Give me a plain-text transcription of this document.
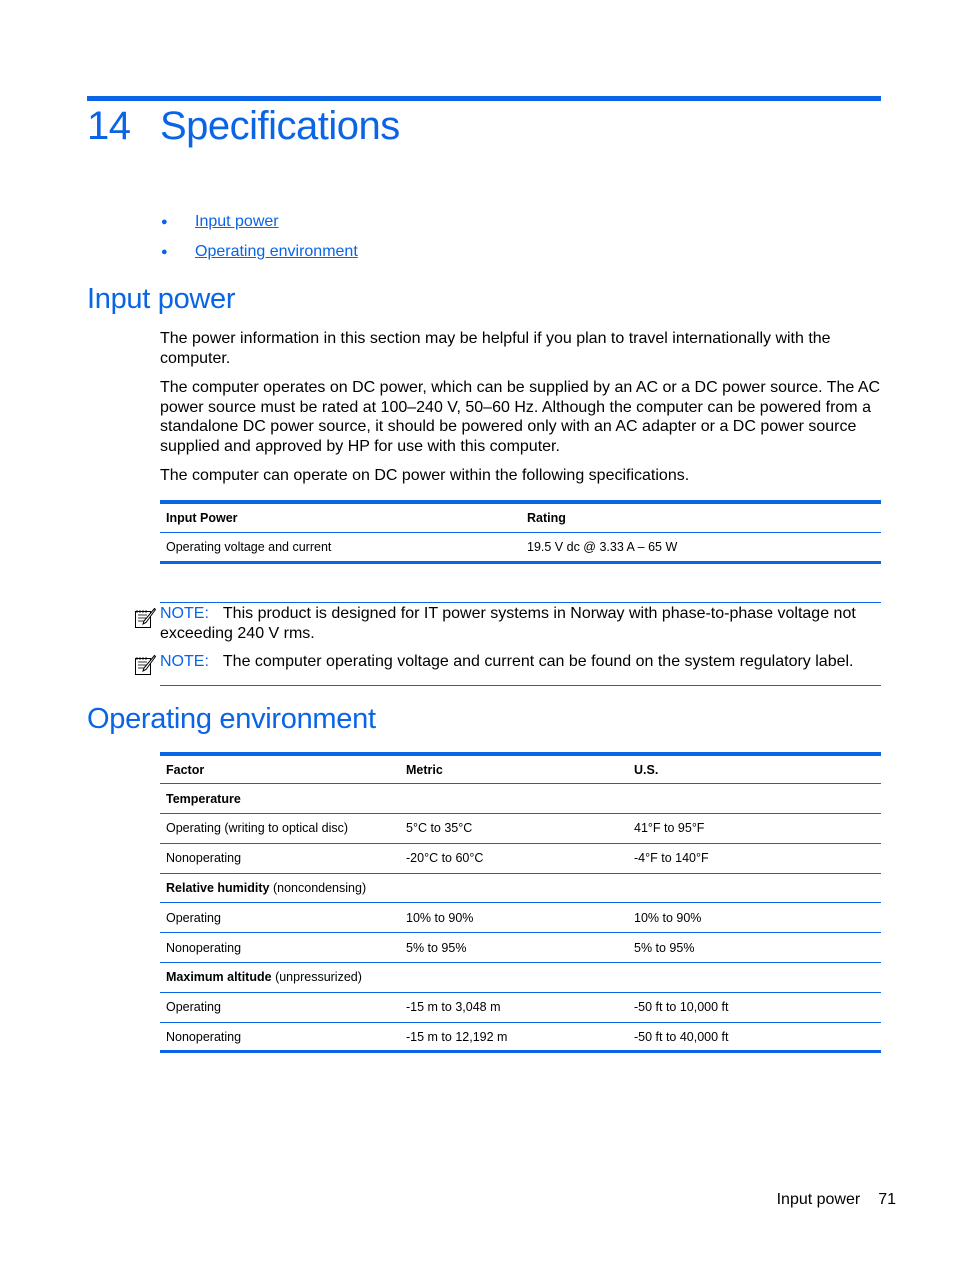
14 Specifications
● Input power
● Operating environment
Input power
The power information in this section may be helpful if you plan to travel internationally with the computer.
The computer operates on DC power, which can be supplied by an AC or a DC power source. The AC power source must be rated at 100–240 V, 50–60 Hz. Although the computer can be powered from a standalone DC power source, it should be powered only with an AC adapter or a DC power source supplied and approved by HP for use with this computer.
The computer can operate on DC power within the following specifications.
Input Power	Rating
Operating voltage and current	19.5 V dc @ 3.33 A – 65 W
NOTE: This product is designed for IT power systems in Norway with phase-to-phase voltage not exceeding 240 V rms.
NOTE: The computer operating voltage and current can be found on the system regulatory label.
Operating environment
Factor	Metric	U.S.
Temperature		
Operating (writing to optical disc)	5°C to 35°C	41°F to 95°F
Nonoperating	-20°C to 60°C	-4°F to 140°F
Relative humidity (noncondensing)		
Operating	10% to 90%	10% to 90%
Nonoperating	5% to 95%	5% to 95%
Maximum altitude (unpressurized)		
Operating	-15 m to 3,048 m	-50 ft to 10,000 ft
Nonoperating	-15 m to 12,192 m	-50 ft to 40,000 ft
Input power 71
